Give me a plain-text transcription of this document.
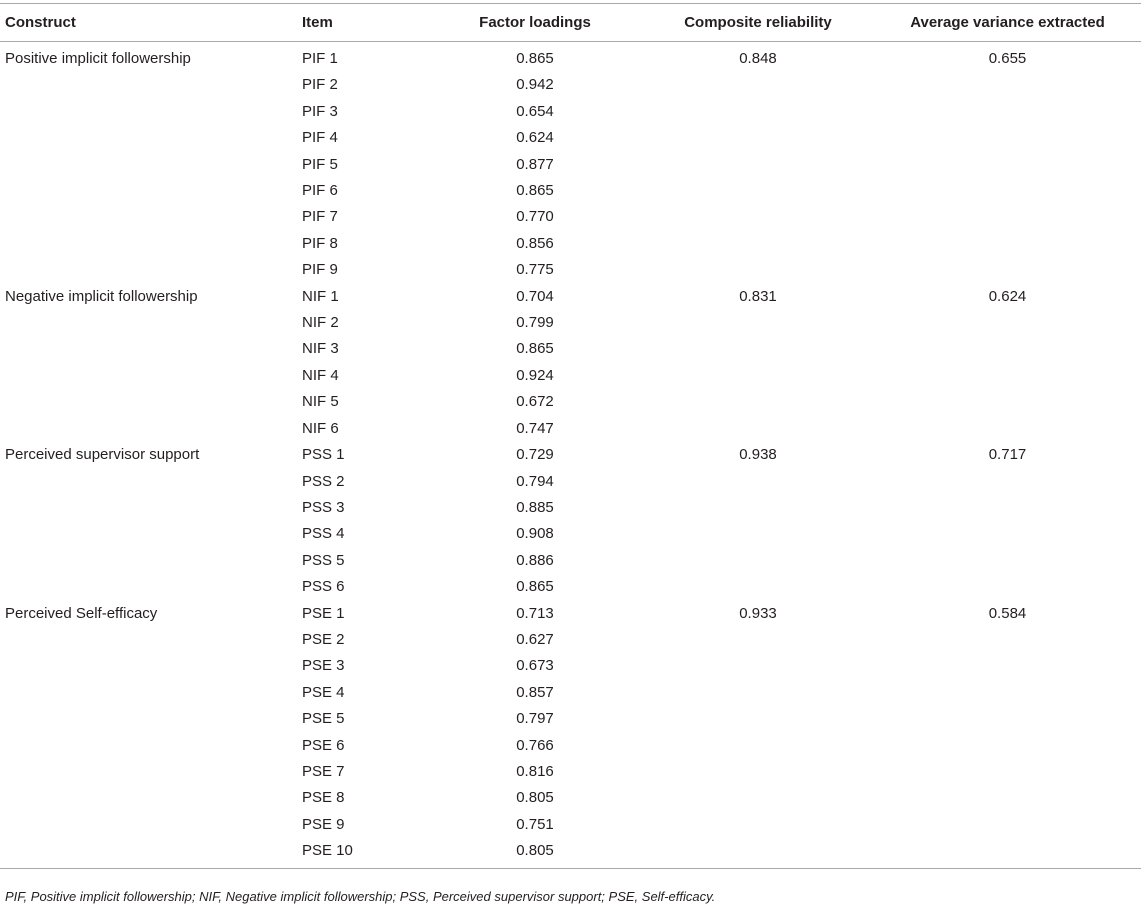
Construct	Item	Factor loadings	Composite reliability	Average variance extracted
Positive implicit followership	PIF 1	0.865	0.848	0.655
	PIF 2	0.942		
	PIF 3	0.654		
	PIF 4	0.624		
	PIF 5	0.877		
	PIF 6	0.865		
	PIF 7	0.770		
	PIF 8	0.856		
	PIF 9	0.775		
Negative implicit followership	NIF 1	0.704	0.831	0.624
	NIF 2	0.799		
	NIF 3	0.865		
	NIF 4	0.924		
	NIF 5	0.672		
	NIF 6	0.747		
Perceived supervisor support	PSS 1	0.729	0.938	0.717
	PSS 2	0.794		
	PSS 3	0.885		
	PSS 4	0.908		
	PSS 5	0.886		
	PSS 6	0.865		
Perceived Self-efficacy	PSE 1	0.713	0.933	0.584
	PSE 2	0.627		
	PSE 3	0.673		
	PSE 4	0.857		
	PSE 5	0.797		
	PSE 6	0.766		
	PSE 7	0.816		
	PSE 8	0.805		
	PSE 9	0.751		
	PSE 10	0.805		
PIF, Positive implicit followership; NIF, Negative implicit followership; PSS, Perceived supervisor support; PSE, Self-efficacy.
